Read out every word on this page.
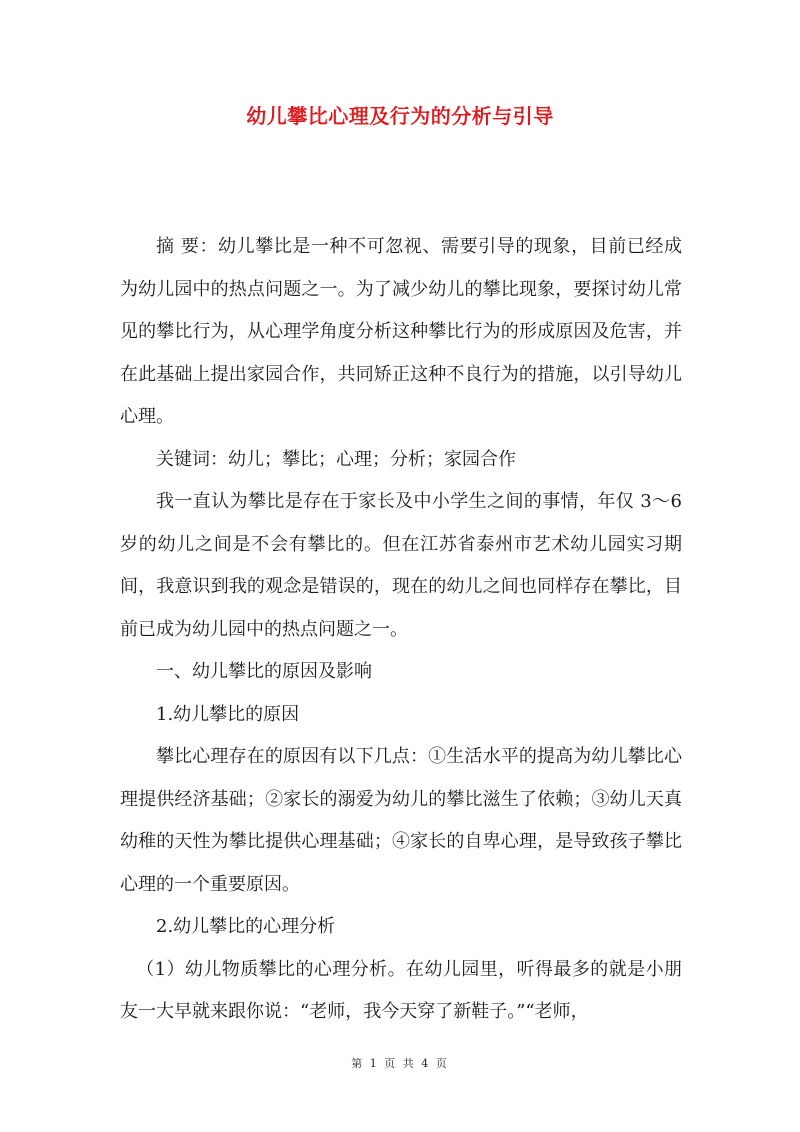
幼儿攀比心理及行为的分析与引导

摘 要：幼儿攀比是一种不可忽视、需要引导的现象，目前已经成为幼儿园中的热点问题之一。为了减少幼儿的攀比现象，要探讨幼儿常见的攀比行为，从心理学角度分析这种攀比行为的形成原因及危害，并在此基础上提出家园合作，共同矫正这种不良行为的措施，以引导幼儿心理。

关键词：幼儿；攀比；心理；分析；家园合作

我一直认为攀比是存在于家长及中小学生之间的事情，年仅 3～6 岁的幼儿之间是不会有攀比的。但在江苏省泰州市艺术幼儿园实习期间，我意识到我的观念是错误的，现在的幼儿之间也同样存在攀比，目前已成为幼儿园中的热点问题之一。

一、幼儿攀比的原因及影响

1.幼儿攀比的原因

攀比心理存在的原因有以下几点：①生活水平的提高为幼儿攀比心理提供经济基础；②家长的溺爱为幼儿的攀比滋生了依赖；③幼儿天真幼稚的天性为攀比提供心理基础；④家长的自卑心理，是导致孩子攀比心理的一个重要原因。

2.幼儿攀比的心理分析

（1）幼儿物质攀比的心理分析。在幼儿园里，听得最多的就是小朋友一大早就来跟你说：“老师，我今天穿了新鞋子。”“老师，

第 1 页 共 4 页
